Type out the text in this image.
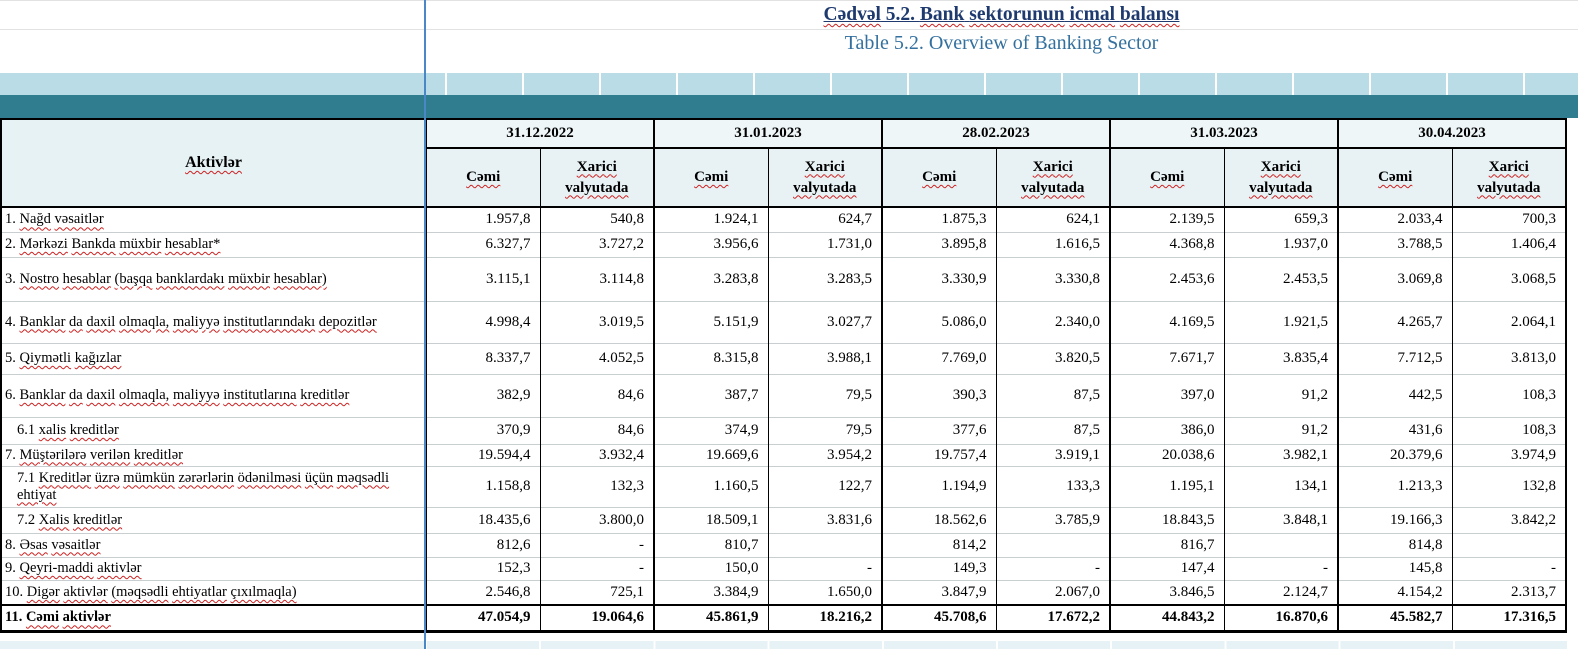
Cədvəl 5.2. Bank sektorunun icmal balansı
Table 5.2. Overview of Banking Sector
Aktivlər	31.12.2022		31.01.2023		28.02.2023		31.03.2023		30.04.2023	
	Cəmi	Xarici valyutada	Cəmi	Xarici valyutada	Cəmi	Xarici valyutada	Cəmi	Xarici valyutada	Cəmi	Xarici valyutada
1. Nağd vəsaitlər	1.957,8	540,8	1.924,1	624,7	1.875,3	624,1	2.139,5	659,3	2.033,4	700,3
2. Mərkəzi Bankda müxbir hesablar*	6.327,7	3.727,2	3.956,6	1.731,0	3.895,8	1.616,5	4.368,8	1.937,0	3.788,5	1.406,4
3. Nostro hesablar (başqa banklardakı müxbir hesablar)	3.115,1	3.114,8	3.283,8	3.283,5	3.330,9	3.330,8	2.453,6	2.453,5	3.069,8	3.068,5
4. Banklar da daxil olmaqla, maliyyə institutlarındakı depozitlər	4.998,4	3.019,5	5.151,9	3.027,7	5.086,0	2.340,0	4.169,5	1.921,5	4.265,7	2.064,1
5. Qiymətli kağızlar	8.337,7	4.052,5	8.315,8	3.988,1	7.769,0	3.820,5	7.671,7	3.835,4	7.712,5	3.813,0
6. Banklar da daxil olmaqla, maliyyə institutlarına kreditlər	382,9	84,6	387,7	79,5	390,3	87,5	397,0	91,2	442,5	108,3
6.1 xalis kreditlər	370,9	84,6	374,9	79,5	377,6	87,5	386,0	91,2	431,6	108,3
7. Müştərilərə verilən kreditlər	19.594,4	3.932,4	19.669,6	3.954,2	19.757,4	3.919,1	20.038,6	3.982,1	20.379,6	3.974,9
7.1 Kreditlər üzrə mümkün zərərlərin ödənilməsi üçün məqsədli ehtiyat	1.158,8	132,3	1.160,5	122,7	1.194,9	133,3	1.195,1	134,1	1.213,3	132,8
7.2 Xalis kreditlər	18.435,6	3.800,0	18.509,1	3.831,6	18.562,6	3.785,9	18.843,5	3.848,1	19.166,3	3.842,2
8. Əsas vəsaitlər	812,6	-	810,7		814,2		816,7		814,8	
9. Qeyri-maddi aktivlər	152,3	-	150,0	-	149,3	-	147,4	-	145,8	-
10. Digər aktivlər (məqsədli ehtiyatlar çıxılmaqla)	2.546,8	725,1	3.384,9	1.650,0	3.847,9	2.067,0	3.846,5	2.124,7	4.154,2	2.313,7
11. Cəmi aktivlər	47.054,9	19.064,6	45.861,9	18.216,2	45.708,6	17.672,2	44.843,2	16.870,6	45.582,7	17.316,5
